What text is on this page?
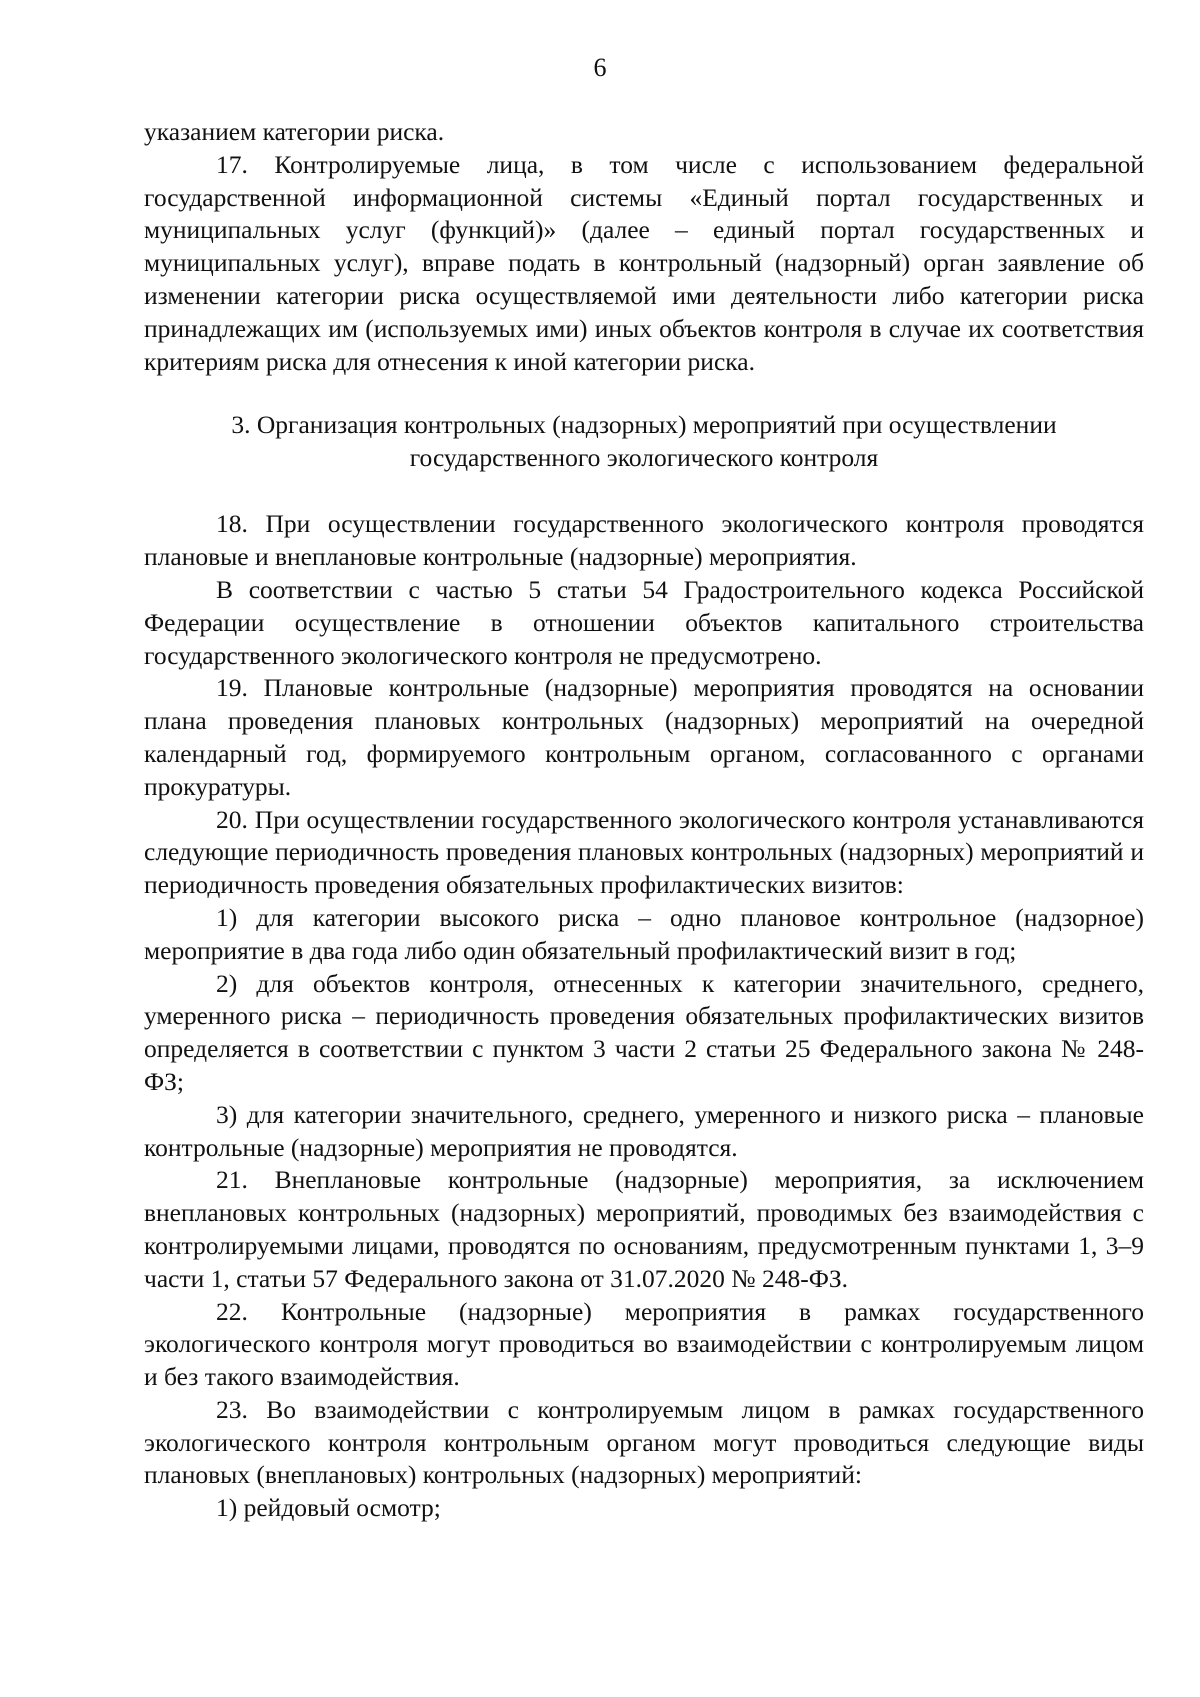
6

указанием категории риска.

17. Контролируемые лица, в том числе с использованием федеральной государственной информационной системы «Единый портал государственных и муниципальных услуг (функций)» (далее – единый портал государственных и муниципальных услуг), вправе подать в контрольный (надзорный) орган заявление об изменении категории риска осуществляемой ими деятельности либо категории риска принадлежащих им (используемых ими) иных объектов контроля в случае их соответствия критериям риска для отнесения к иной категории риска.

3. Организация контрольных (надзорных) мероприятий при осуществлении
государственного экологического контроля

18. При осуществлении государственного экологического контроля проводятся плановые и внеплановые контрольные (надзорные) мероприятия.

В соответствии с частью 5 статьи 54 Градостроительного кодекса Российской Федерации осуществление в отношении объектов капитального строительства государственного экологического контроля не предусмотрено.

19. Плановые контрольные (надзорные) мероприятия проводятся на основании плана проведения плановых контрольных (надзорных) мероприятий на очередной календарный год, формируемого контрольным органом, согласованного с органами прокуратуры.

20. При осуществлении государственного экологического контроля устанавливаются следующие периодичность проведения плановых контрольных (надзорных) мероприятий и периодичность проведения обязательных профилактических визитов:

1) для категории высокого риска – одно плановое контрольное (надзорное) мероприятие в два года либо один обязательный профилактический визит в год;

2) для объектов контроля, отнесенных к категории значительного, среднего, умеренного риска – периодичность проведения обязательных профилактических визитов определяется в соответствии с пунктом 3 части 2 статьи 25 Федерального закона № 248-ФЗ;

3) для категории значительного, среднего, умеренного и низкого риска – плановые контрольные (надзорные) мероприятия не проводятся.

21. Внеплановые контрольные (надзорные) мероприятия, за исключением внеплановых контрольных (надзорных) мероприятий, проводимых без взаимодействия с контролируемыми лицами, проводятся по основаниям, предусмотренным пунктами 1, 3–9 части 1, статьи 57 Федерального закона от 31.07.2020 № 248-ФЗ.

22. Контрольные (надзорные) мероприятия в рамках государственного экологического контроля могут проводиться во взаимодействии с контролируемым лицом и без такого взаимодействия.

23. Во взаимодействии с контролируемым лицом в рамках государственного экологического контроля контрольным органом могут проводиться следующие виды плановых (внеплановых) контрольных (надзорных) мероприятий:

1) рейдовый осмотр;
